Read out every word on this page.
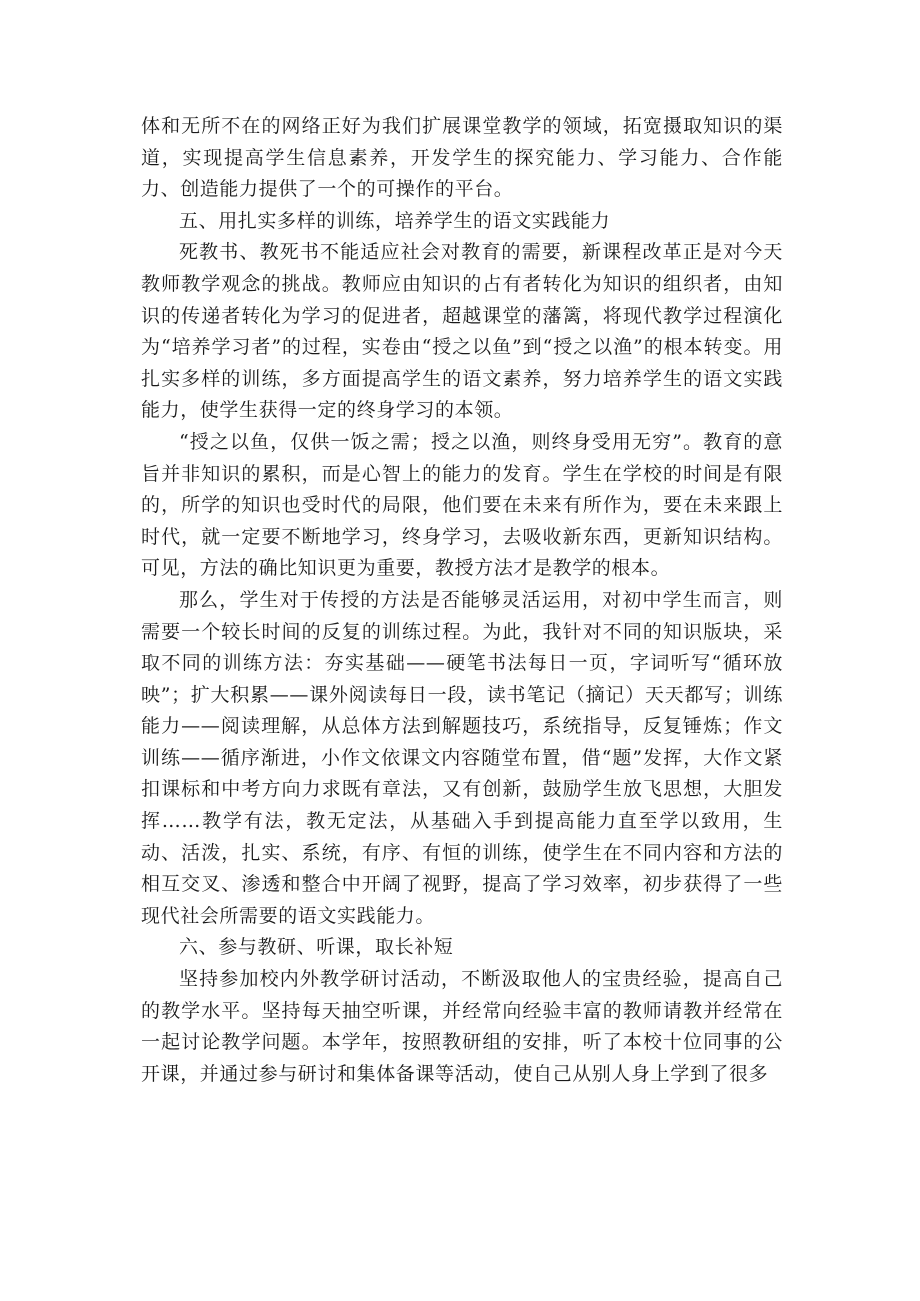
体和无所不在的网络正好为我们扩展课堂教学的领域，拓宽摄取知识的渠道，实现提高学生信息素养，开发学生的探究能力、学习能力、合作能力、创造能力提供了一个的可操作的平台。

五、用扎实多样的训练，培养学生的语文实践能力

死教书、教死书不能适应社会对教育的需要，新课程改革正是对今天教师教学观念的挑战。教师应由知识的占有者转化为知识的组织者，由知识的传递者转化为学习的促进者，超越课堂的藩篱，将现代教学过程演化为“培养学习者”的过程，实卷由“授之以鱼”到“授之以渔”的根本转变。用扎实多样的训练，多方面提高学生的语文素养，努力培养学生的语文实践能力，使学生获得一定的终身学习的本领。

“授之以鱼，仅供一饭之需；授之以渔，则终身受用无穷”。教育的意旨并非知识的累积，而是心智上的能力的发育。学生在学校的时间是有限的，所学的知识也受时代的局限，他们要在未来有所作为，要在未来跟上时代，就一定要不断地学习，终身学习，去吸收新东西，更新知识结构。可见，方法的确比知识更为重要，教授方法才是教学的根本。

那么，学生对于传授的方法是否能够灵活运用，对初中学生而言，则需要一个较长时间的反复的训练过程。为此，我针对不同的知识版块，采取不同的训练方法：夯实基础——硬笔书法每日一页，字词听写“循环放映”；扩大积累——课外阅读每日一段，读书笔记（摘记）天天都写；训练能力——阅读理解，从总体方法到解题技巧，系统指导，反复锤炼；作文训练——循序渐进，小作文依课文内容随堂布置，借“题”发挥，大作文紧扣课标和中考方向力求既有章法，又有创新，鼓励学生放飞思想，大胆发挥……教学有法，教无定法，从基础入手到提高能力直至学以致用，生动、活泼，扎实、系统，有序、有恒的训练，使学生在不同内容和方法的相互交叉、渗透和整合中开阔了视野，提高了学习效率，初步获得了一些现代社会所需要的语文实践能力。

六、参与教研、听课，取长补短

坚持参加校内外教学研讨活动，不断汲取他人的宝贵经验，提高自己的教学水平。坚持每天抽空听课，并经常向经验丰富的教师请教并经常在一起讨论教学问题。本学年，按照教研组的安排，听了本校十位同事的公开课，并通过参与研讨和集体备课等活动，使自己从别人身上学到了很多
